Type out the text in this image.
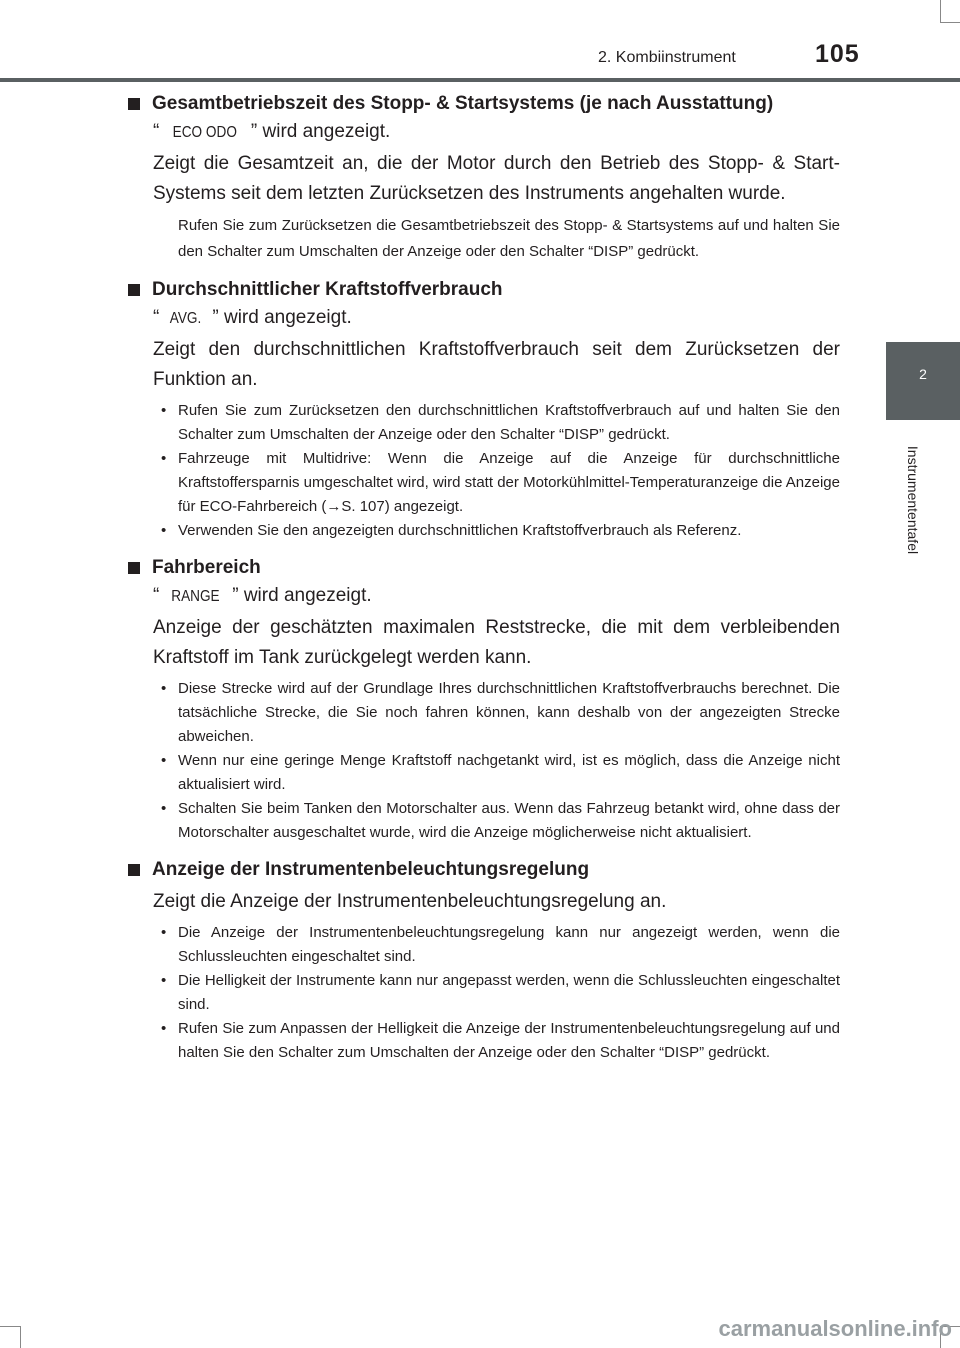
2. Kombiinstrument	105
2
Instrumententafel
Gesamtbetriebszeit des Stopp- & Startsystems (je nach Ausstattung)
“ ECO ODO ” wird angezeigt.
Zeigt die Gesamtzeit an, die der Motor durch den Betrieb des Stopp- & Start-Systems seit dem letzten Zurücksetzen des Instruments angehalten wurde.
Rufen Sie zum Zurücksetzen die Gesamtbetriebszeit des Stopp- & Startsystems auf und halten Sie den Schalter zum Umschalten der Anzeige oder den Schalter “DISP” gedrückt.
Durchschnittlicher Kraftstoffverbrauch
“ AVG. ” wird angezeigt.
Zeigt den durchschnittlichen Kraftstoffverbrauch seit dem Zurücksetzen der Funktion an.
• Rufen Sie zum Zurücksetzen den durchschnittlichen Kraftstoffverbrauch auf und halten Sie den Schalter zum Umschalten der Anzeige oder den Schalter “DISP” gedrückt.
• Fahrzeuge mit Multidrive: Wenn die Anzeige auf die Anzeige für durchschnittliche Kraftstoffersparnis umgeschaltet wird, wird statt der Motorkühlmittel-Temperaturanzeige die Anzeige für ECO-Fahrbereich (→S. 107) angezeigt.
• Verwenden Sie den angezeigten durchschnittlichen Kraftstoffverbrauch als Referenz.
Fahrbereich
“ RANGE ” wird angezeigt.
Anzeige der geschätzten maximalen Reststrecke, die mit dem verbleibenden Kraftstoff im Tank zurückgelegt werden kann.
• Diese Strecke wird auf der Grundlage Ihres durchschnittlichen Kraftstoffverbrauchs berechnet. Die tatsächliche Strecke, die Sie noch fahren können, kann deshalb von der angezeigten Strecke abweichen.
• Wenn nur eine geringe Menge Kraftstoff nachgetankt wird, ist es möglich, dass die Anzeige nicht aktualisiert wird.
• Schalten Sie beim Tanken den Motorschalter aus. Wenn das Fahrzeug betankt wird, ohne dass der Motorschalter ausgeschaltet wurde, wird die Anzeige möglicherweise nicht aktualisiert.
Anzeige der Instrumentenbeleuchtungsregelung
Zeigt die Anzeige der Instrumentenbeleuchtungsregelung an.
• Die Anzeige der Instrumentenbeleuchtungsregelung kann nur angezeigt werden, wenn die Schlussleuchten eingeschaltet sind.
• Die Helligkeit der Instrumente kann nur angepasst werden, wenn die Schlussleuchten eingeschaltet sind.
• Rufen Sie zum Anpassen der Helligkeit die Anzeige der Instrumentenbeleuchtungsregelung auf und halten Sie den Schalter zum Umschalten der Anzeige oder den Schalter “DISP” gedrückt.
carmanualsonline.info
